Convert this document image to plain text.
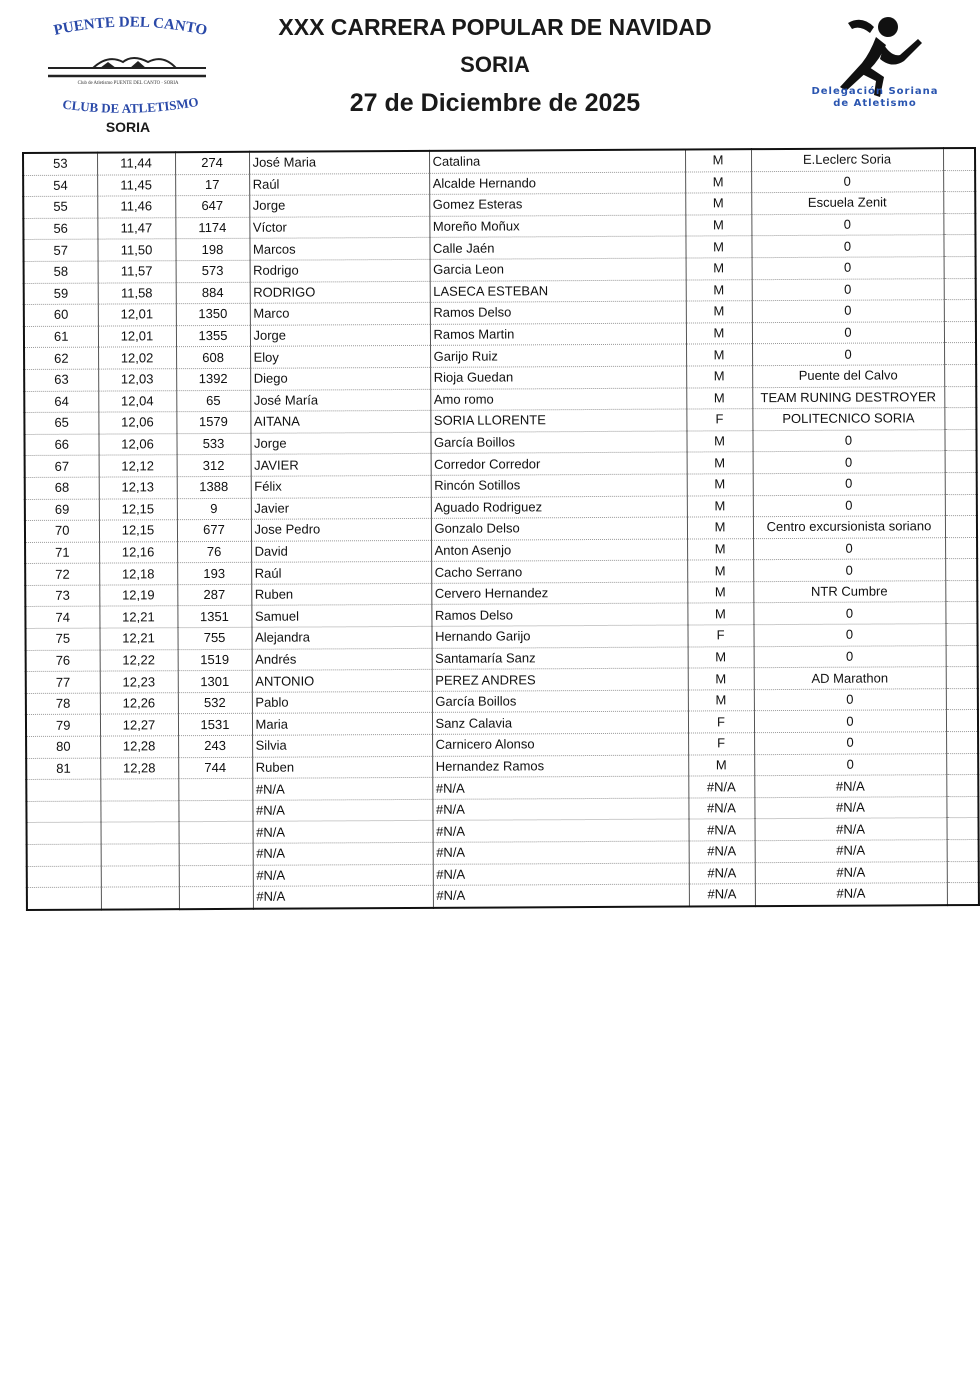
PUENTE DEL CANTO
Club de Atletismo PUENTE DEL CANTO · SORIA
CLUB DE ATLETISMO
SORIA
XXX CARRERA POPULAR DE NAVIDAD
SORIA
27 de Diciembre de 2025	Delegación Soriana
de Atletismo
53	11,44	274	José Maria	Catalina	M	E.Leclerc Soria	
54	11,45	17	Raúl	Alcalde Hernando	M	0	
55	11,46	647	Jorge	Gomez Esteras	M	Escuela Zenit	
56	11,47	1174	Víctor	Moreño Moñux	M	0	
57	11,50	198	Marcos	Calle Jaén	M	0	
58	11,57	573	Rodrigo	Garcia Leon	M	0	
59	11,58	884	RODRIGO	LASECA ESTEBAN	M	0	
60	12,01	1350	Marco	Ramos Delso	M	0	
61	12,01	1355	Jorge	Ramos Martin	M	0	
62	12,02	608	Eloy	Garijo Ruiz	M	0	
63	12,03	1392	Diego	Rioja Guedan	M	Puente del Calvo	
64	12,04	65	José María	Amo romo	M	TEAM RUNING DESTROYER	
65	12,06	1579	AITANA	SORIA LLORENTE	F	POLITECNICO SORIA	
66	12,06	533	Jorge	García Boillos	M	0	
67	12,12	312	JAVIER	Corredor Corredor	M	0	
68	12,13	1388	Félix	Rincón Sotillos	M	0	
69	12,15	9	Javier	Aguado Rodriguez	M	0	
70	12,15	677	Jose Pedro	Gonzalo Delso	M	Centro excursionista soriano	
71	12,16	76	David	Anton Asenjo	M	0	
72	12,18	193	Raúl	Cacho Serrano	M	0	
73	12,19	287	Ruben	Cervero Hernandez	M	NTR Cumbre	
74	12,21	1351	Samuel	Ramos Delso	M	0	
75	12,21	755	Alejandra	Hernando Garijo	F	0	
76	12,22	1519	Andrés	Santamaría Sanz	M	0	
77	12,23	1301	ANTONIO	PEREZ ANDRES	M	AD Marathon	
78	12,26	532	Pablo	García Boillos	M	0	
79	12,27	1531	Maria	Sanz Calavia	F	0	
80	12,28	243	Silvia	Carnicero Alonso	F	0	
81	12,28	744	Ruben	Hernandez Ramos	M	0	
			#N/A	#N/A	#N/A	#N/A	
			#N/A	#N/A	#N/A	#N/A	
			#N/A	#N/A	#N/A	#N/A	
			#N/A	#N/A	#N/A	#N/A	
			#N/A	#N/A	#N/A	#N/A	
			#N/A	#N/A	#N/A	#N/A	
